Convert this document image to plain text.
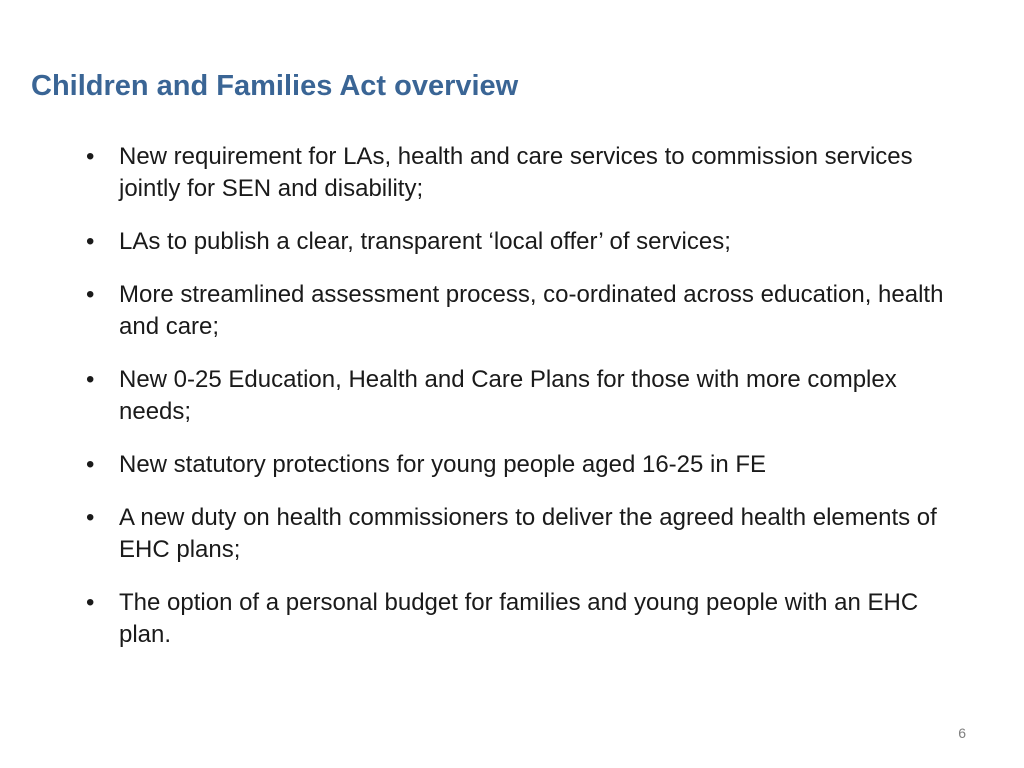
Children and Families Act overview
•	New requirement for LAs, health and care services to commission services jointly for SEN and disability;
•	LAs to publish a clear, transparent ‘local offer’ of services;
•	More streamlined assessment process, co-ordinated across education, health and care;
•	New 0-25 Education, Health and Care Plans for those with more complex needs;
•	New statutory protections for young people aged 16-25 in FE
•	A new duty on health commissioners to deliver the agreed health elements of EHC plans;
•	The option of a personal budget for families and young people with an EHC plan.
6
